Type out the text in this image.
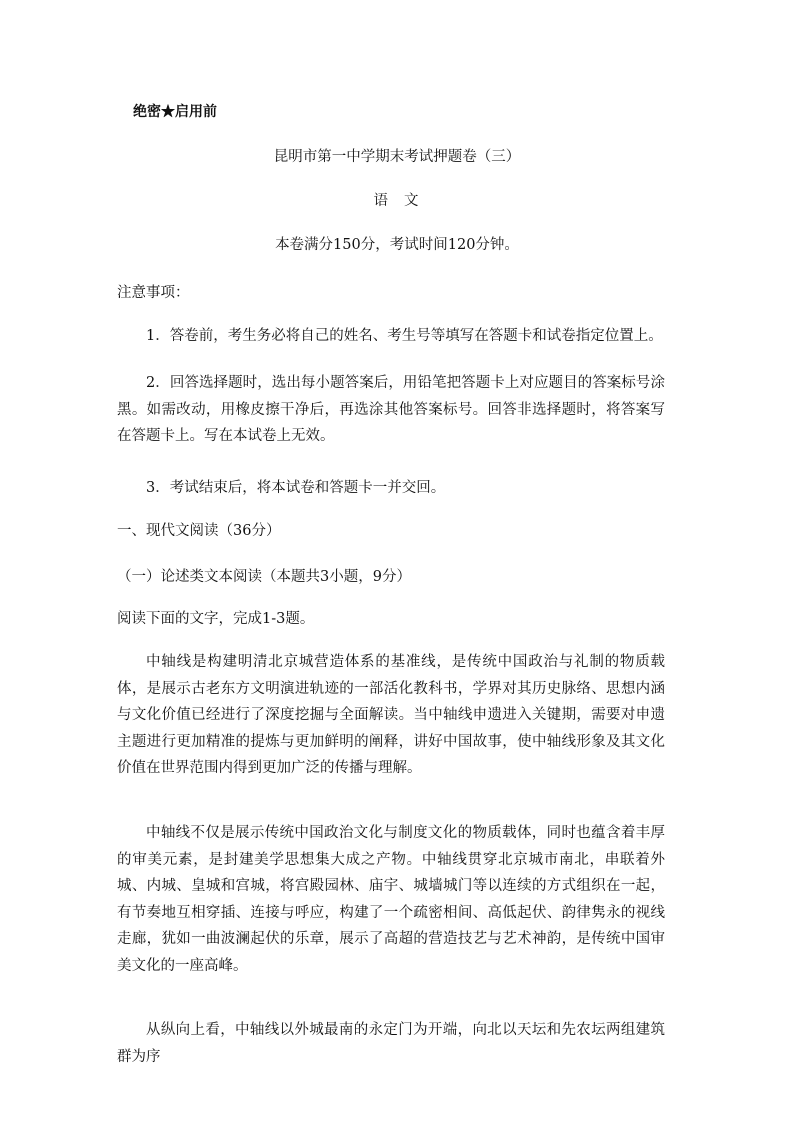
绝密★启用前
昆明市第一中学期末考试押题卷（三）
语 文
本卷满分150分，考试时间120分钟。
注意事项：
1．答卷前，考生务必将自己的姓名、考生号等填写在答题卡和试卷指定位置上。
2．回答选择题时，选出每小题答案后，用铅笔把答题卡上对应题目的答案标号涂黑。如需改动，用橡皮擦干净后，再选涂其他答案标号。回答非选择题时，将答案写在答题卡上。写在本试卷上无效。
3．考试结束后，将本试卷和答题卡一并交回。
一、现代文阅读（36分）
（一）论述类文本阅读（本题共3小题，9分）
阅读下面的文字，完成1-3题。
中轴线是构建明清北京城营造体系的基准线，是传统中国政治与礼制的物质载体，是展示古老东方文明演进轨迹的一部活化教科书，学界对其历史脉络、思想内涵与文化价值已经进行了深度挖掘与全面解读。当中轴线申遗进入关键期，需要对申遗主题进行更加精准的提炼与更加鲜明的阐释，讲好中国故事，使中轴线形象及其文化价值在世界范围内得到更加广泛的传播与理解。
中轴线不仅是展示传统中国政治文化与制度文化的物质载体，同时也蕴含着丰厚的审美元素，是封建美学思想集大成之产物。中轴线贯穿北京城市南北，串联着外城、内城、皇城和宫城，将宫殿园林、庙宇、城墙城门等以连续的方式组织在一起，有节奏地互相穿插、连接与呼应，构建了一个疏密相间、高低起伏、韵律隽永的视线走廊，犹如一曲波澜起伏的乐章，展示了高超的营造技艺与艺术神韵，是传统中国审美文化的一座高峰。
从纵向上看，中轴线以外城最南的永定门为开端，向北以天坛和先农坛两组建筑群为序
